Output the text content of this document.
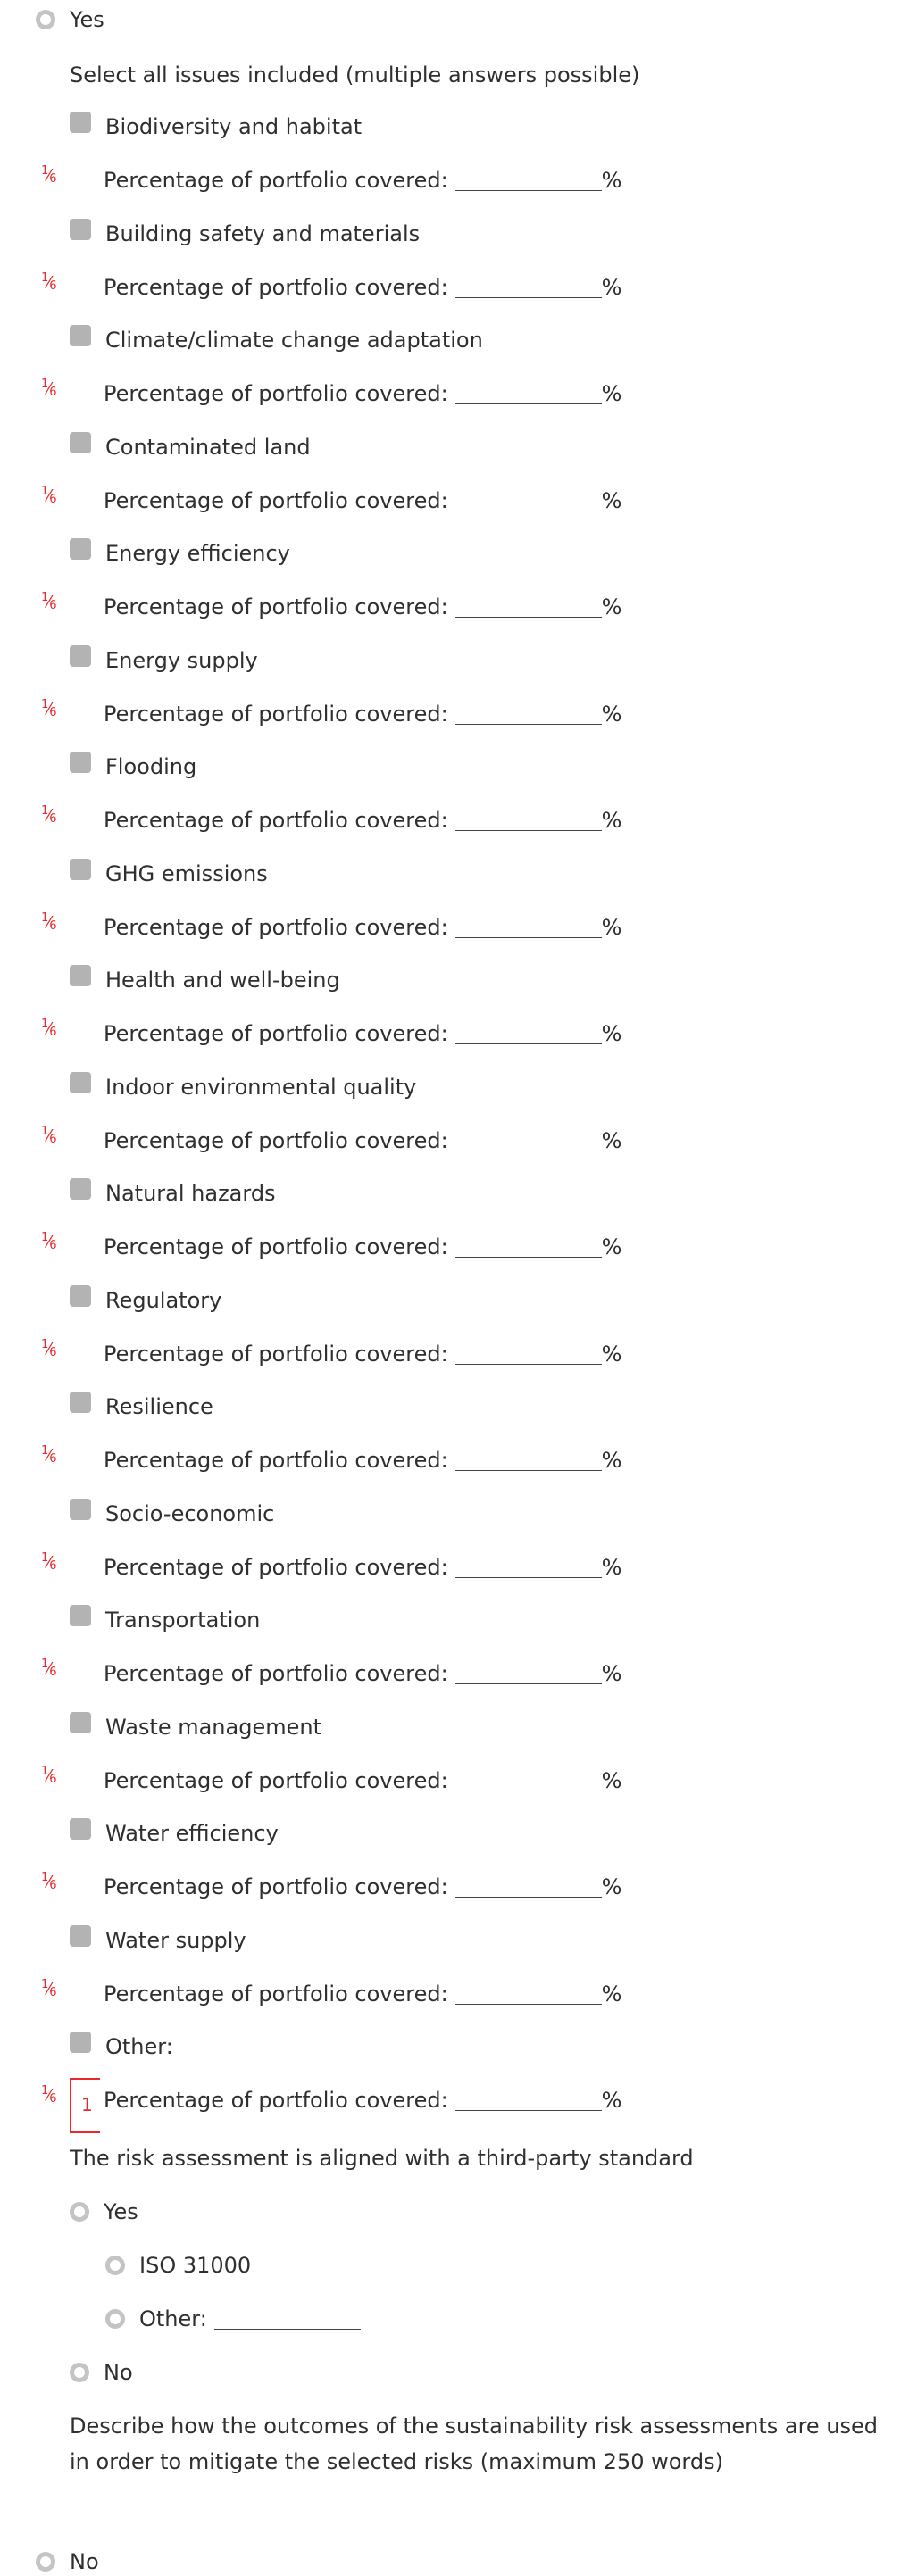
Yes
Select all issues included (multiple answers possible)
Biodiversity and habitat
$^1$ $⁄_6$ Percentage of portfolio covered:	%
Building safety and materials
$^1$ $⁄_6$ Percentage of portfolio covered:	%
Climate/climate change adaptation
$^1$ $⁄_6$ Percentage of portfolio covered:	%
Contaminated land
$^1$ $⁄_6$ Percentage of portfolio covered:	%
Energy efficiency
$^1$ $⁄_6$ Percentage of portfolio covered:	%
Energy supply
$^1$ $⁄_6$ Percentage of portfolio covered:	%
Flooding
$^1$ $⁄_6$ Percentage of portfolio covered:	%
GHG emissions
$^1$ $⁄_6$ Percentage of portfolio covered:	%
Health and well-being
$^1$ $⁄_6$ Percentage of portfolio covered:	%
Indoor environmental quality
$^1$ $⁄_6$ Percentage of portfolio covered:	%
Natural hazards
$^1$ $⁄_6$ Percentage of portfolio covered:	%
Regulatory
$^1$ $⁄_6$ Percentage of portfolio covered:	%
Resilience
$^1$ $⁄_6$ Percentage of portfolio covered:	%
Socio-economic
$^1$ $⁄_6$ Percentage of portfolio covered:	%
Transportation
$^1$ $⁄_6$ Percentage of portfolio covered:	%
Waste management
$^1$ $⁄_6$ Percentage of portfolio covered:	%
Water efficiency
$^1$ $⁄_6$ Percentage of portfolio covered:	%
Water supply
$^1$ $⁄_6$ Percentage of portfolio covered:	%
Other:
$^1$ $⁄_6$ 1 Percentage of portfolio covered:	%
The risk assessment is aligned with a third-party standard
Yes
ISO 31000
Other:
No
Describe how the outcomes of the sustainability risk assessments are used in order to mitigate the selected risks (maximum 250 words)
No
